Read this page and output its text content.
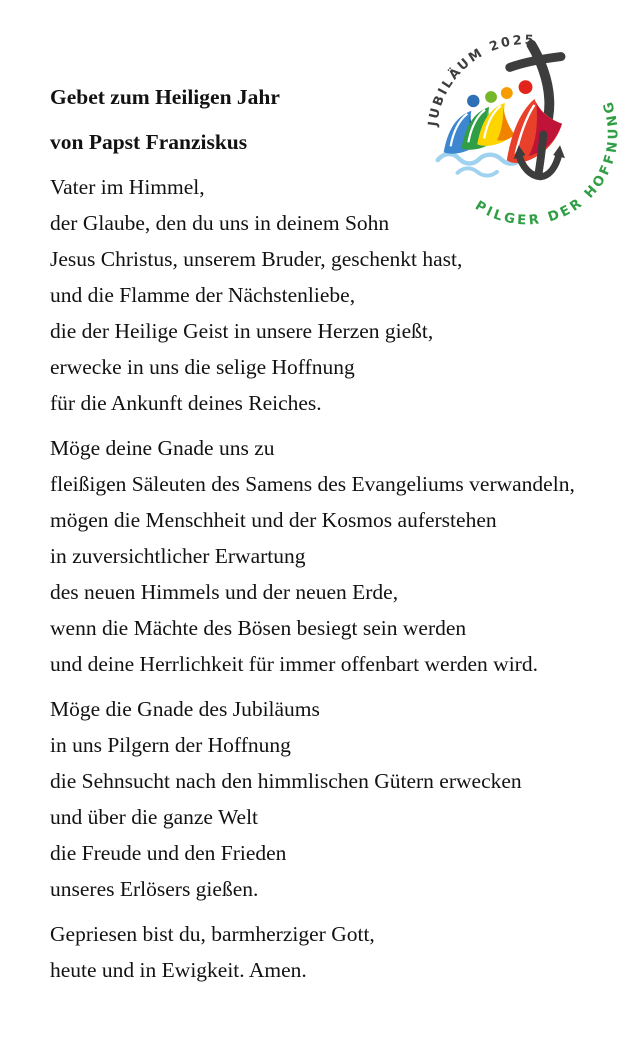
Gebet zum Heiligen Jahr

von Papst Franziskus

Vater im Himmel,
der Glaube, den du uns in deinem Sohn
Jesus Christus, unserem Bruder, geschenkt hast,
und die Flamme der Nächstenliebe,
die der Heilige Geist in unsere Herzen gießt,
erwecke in uns die selige Hoffnung
für die Ankunft deines Reiches.

Möge deine Gnade uns zu
fleißigen Säleuten des Samens des Evangeliums verwandeln,
mögen die Menschheit und der Kosmos auferstehen
in zuversichtlicher Erwartung
des neuen Himmels und der neuen Erde,
wenn die Mächte des Bösen besiegt sein werden
und deine Herrlichkeit für immer offenbart werden wird.

Möge die Gnade des Jubiläums
in uns Pilgern der Hoffnung
die Sehnsucht nach den himmlischen Gütern erwecken
und über die ganze Welt
die Freude und den Frieden
unseres Erlösers gießen.

Gepriesen bist du, barmherziger Gott,
heute und in Ewigkeit. Amen.

JUBILÄUM 2025
PILGER DER HOFFNUNG
